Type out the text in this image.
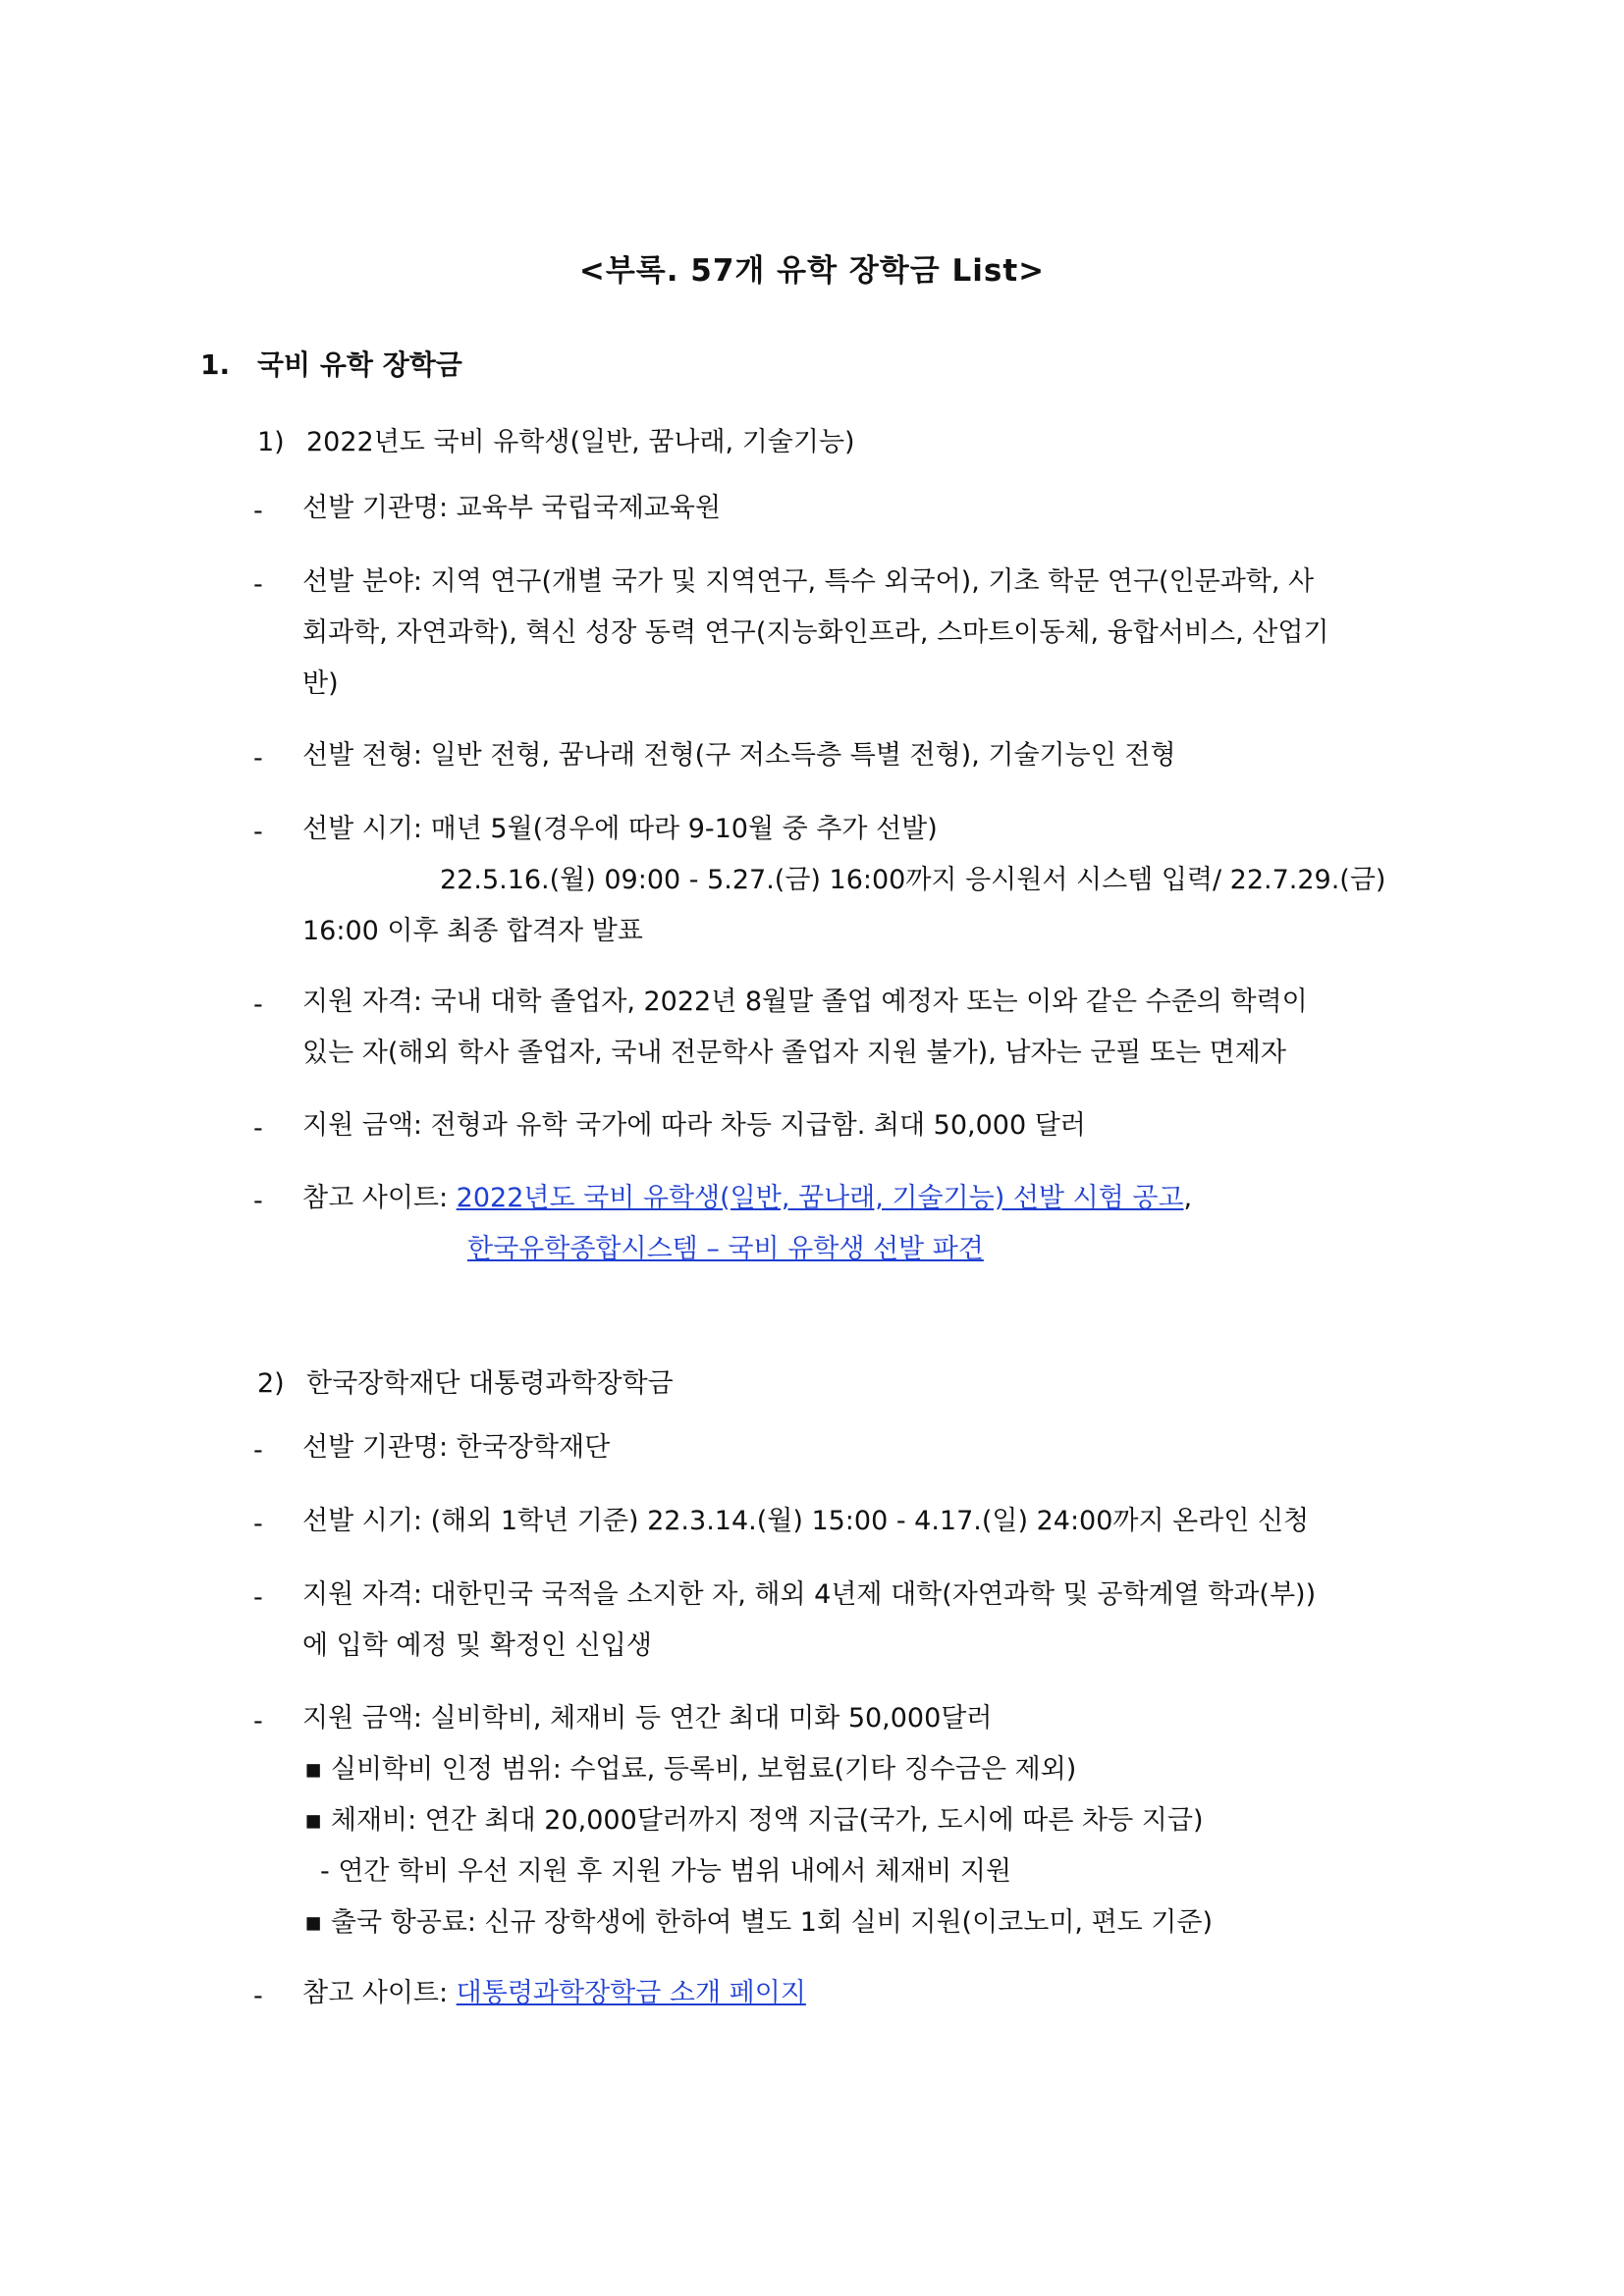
<부록. 57개 유학 장학금 List>
1. 국비 유학 장학금
1) 2022년도 국비 유학생(일반, 꿈나래, 기술기능)
- 선발 기관명: 교육부 국립국제교육원
- 선발 분야: 지역 연구(개별 국가 및 지역연구, 특수 외국어), 기초 학문 연구(인문과학, 사
회과학, 자연과학), 혁신 성장 동력 연구(지능화인프라, 스마트이동체, 융합서비스, 산업기
반)
- 선발 전형: 일반 전형, 꿈나래 전형(구 저소득층 특별 전형), 기술기능인 전형
- 선발 시기: 매년 5월(경우에 따라 9-10월 중 추가 선발)
22.5.16.(월) 09:00 - 5.27.(금) 16:00까지 응시원서 시스템 입력/ 22.7.29.(금)
16:00 이후 최종 합격자 발표
- 지원 자격: 국내 대학 졸업자, 2022년 8월말 졸업 예정자 또는 이와 같은 수준의 학력이
있는 자(해외 학사 졸업자, 국내 전문학사 졸업자 지원 불가), 남자는 군필 또는 면제자
- 지원 금액: 전형과 유학 국가에 따라 차등 지급함. 최대 50,000 달러
- 참고 사이트: 2022년도 국비 유학생(일반, 꿈나래, 기술기능) 선발 시험 공고,
한국유학종합시스템 – 국비 유학생 선발 파견
2) 한국장학재단 대통령과학장학금
- 선발 기관명: 한국장학재단
- 선발 시기: (해외 1학년 기준) 22.3.14.(월) 15:00 - 4.17.(일) 24:00까지 온라인 신청
- 지원 자격: 대한민국 국적을 소지한 자, 해외 4년제 대학(자연과학 및 공학계열 학과(부))
에 입학 예정 및 확정인 신입생
- 지원 금액: 실비학비, 체재비 등 연간 최대 미화 50,000달러
▪ 실비학비 인정 범위: 수업료, 등록비, 보험료(기타 징수금은 제외)
▪ 체재비: 연간 최대 20,000달러까지 정액 지급(국가, 도시에 따른 차등 지급)
- 연간 학비 우선 지원 후 지원 가능 범위 내에서 체재비 지원
▪ 출국 항공료: 신규 장학생에 한하여 별도 1회 실비 지원(이코노미, 편도 기준)
- 참고 사이트: 대통령과학장학금 소개 페이지
